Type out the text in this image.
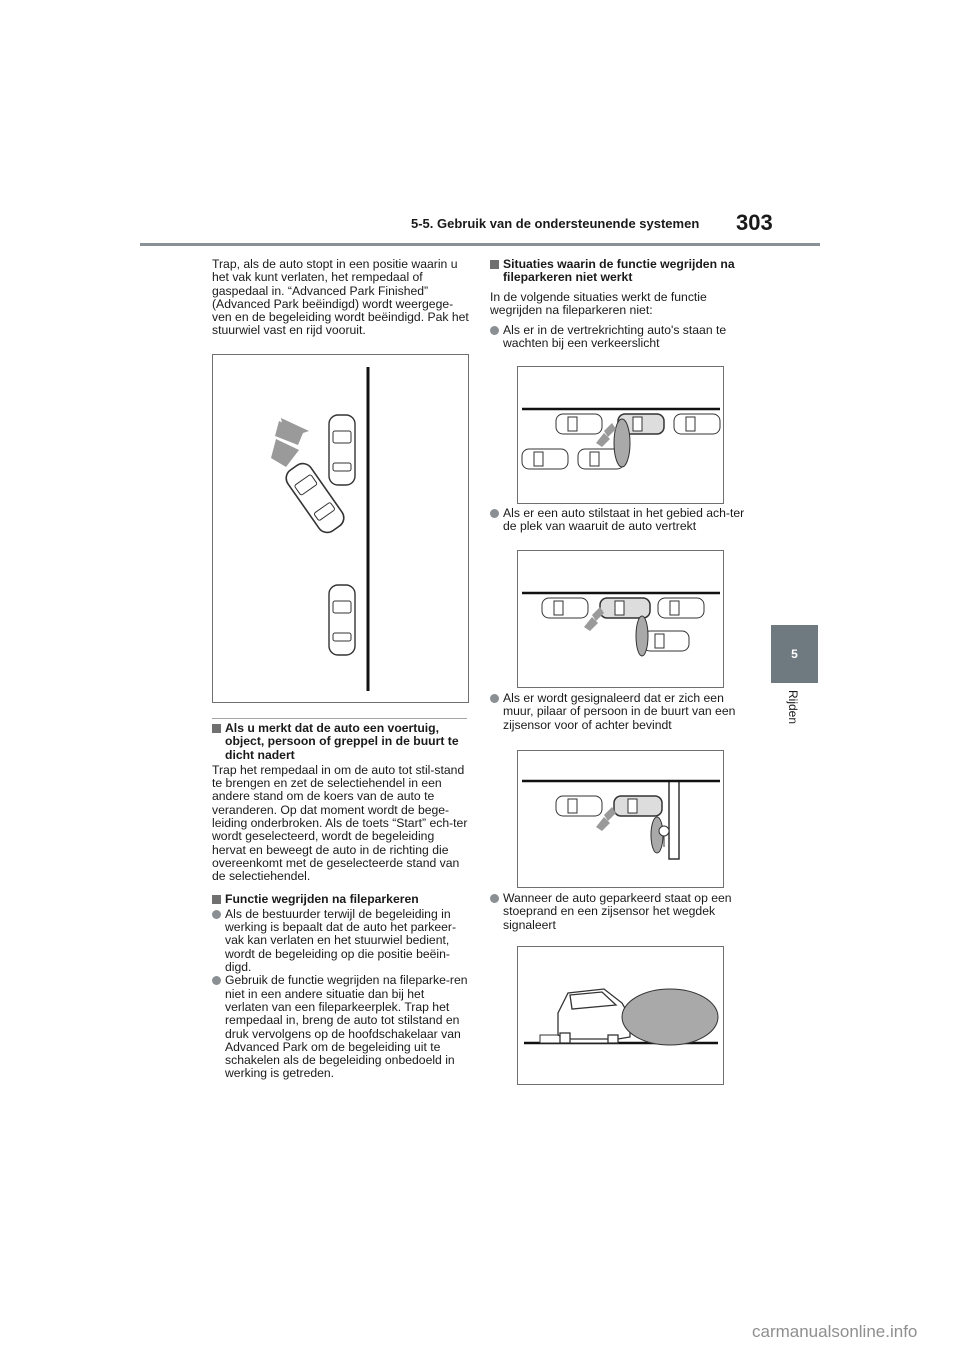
5-5. Gebruik van de ondersteunende systemen 303
5
Rijden

Trap, als de auto stopt in een positie waarin u het vak kunt verlaten, het rempedaal of gaspedaal in. “Advanced Park Finished” (Advanced Park beëindigd) wordt weergege-ven en de begeleiding wordt beëindigd. Pak het stuurwiel vast en rijd vooruit.

Als u merkt dat de auto een voertuig, object, persoon of greppel in de buurt te dicht nadert

Trap het rempedaal in om de auto tot stil-stand te brengen en zet de selectiehendel in een andere stand om de koers van de auto te veranderen. Op dat moment wordt de bege-leiding onderbroken. Als de toets “Start” ech-ter wordt geselecteerd, wordt de begeleiding hervat en beweegt de auto in de richting die overeenkomt met de geselecteerde stand van de selectiehendel.

Functie wegrijden na fileparkeren

Als de bestuurder terwijl de begeleiding in werking is bepaalt dat de auto het parkeer-vak kan verlaten en het stuurwiel bedient, wordt de begeleiding op die positie beëin-digd.

Gebruik de functie wegrijden na fileparke-ren niet in een andere situatie dan bij het verlaten van een fileparkeerplek. Trap het rempedaal in, breng de auto tot stilstand en druk vervolgens op de hoofdschakelaar van Advanced Park om de begeleiding uit te schakelen als de begeleiding onbedoeld in werking is getreden.

Situaties waarin de functie wegrijden na fileparkeren niet werkt

In de volgende situaties werkt de functie wegrijden na fileparkeren niet:

Als er in de vertrekrichting auto's staan te wachten bij een verkeerslicht

Als er een auto stilstaat in het gebied ach-ter de plek van waaruit de auto vertrekt

Als er wordt gesignaleerd dat er zich een muur, pilaar of persoon in de buurt van een zijsensor voor of achter bevindt

Wanneer de auto geparkeerd staat op een stoeprand en een zijsensor het wegdek signaleert

carmanualsonline.info
